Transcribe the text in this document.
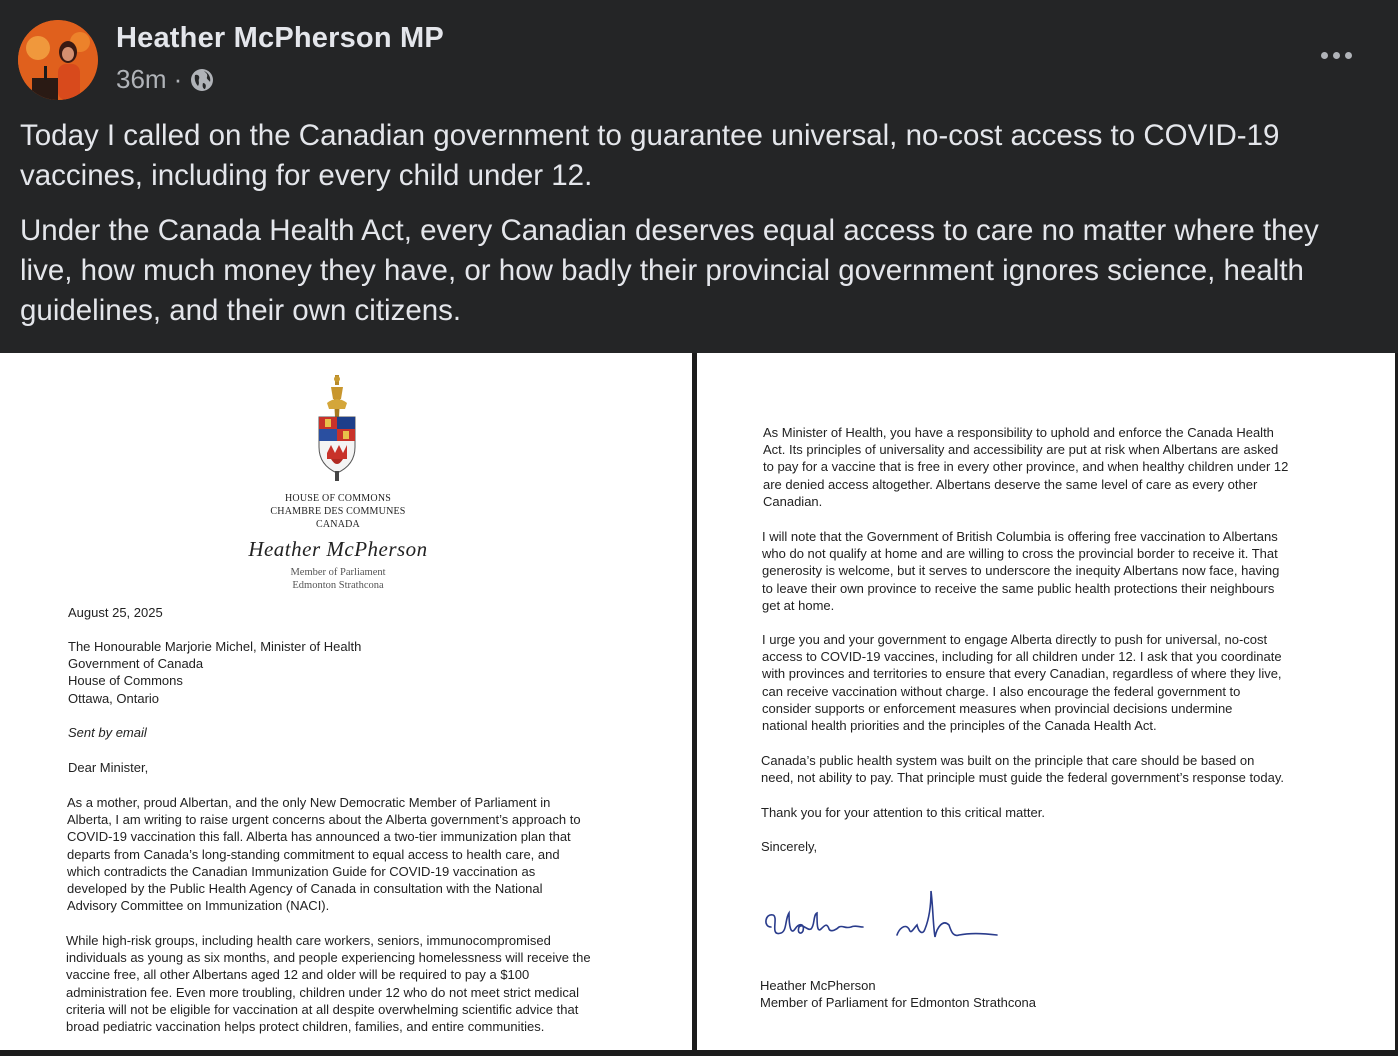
Heather McPherson MP
36m ·

Today I called on the Canadian government to guarantee universal, no-cost access to COVID-19 vaccines, including for every child under 12.

Under the Canada Health Act, every Canadian deserves equal access to care no matter where they live, how much money they have, or how badly their provincial government ignores science, health guidelines, and their own citizens.

HOUSE OF COMMONS
CHAMBRE DES COMMUNES
CANADA
Heather McPherson
Member of Parliament
Edmonton Strathcona
August 25, 2025
The Honourable Marjorie Michel, Minister of Health
Government of Canada
House of Commons
Ottawa, Ontario
Sent by email
Dear Minister,
As a mother, proud Albertan, and the only New Democratic Member of Parliament in
Alberta, I am writing to raise urgent concerns about the Alberta government’s approach to
COVID-19 vaccination this fall. Alberta has announced a two-tier immunization plan that
departs from Canada’s long-standing commitment to equal access to health care, and
which contradicts the Canadian Immunization Guide for COVID-19 vaccination as
developed by the Public Health Agency of Canada in consultation with the National
Advisory Committee on Immunization (NACI).
While high-risk groups, including health care workers, seniors, immunocompromised
individuals as young as six months, and people experiencing homelessness will receive the
vaccine free, all other Albertans aged 12 and older will be required to pay a $100
administration fee. Even more troubling, children under 12 who do not meet strict medical
criteria will not be eligible for vaccination at all despite overwhelming scientific advice that
broad pediatric vaccination helps protect children, families, and entire communities.
As Minister of Health, you have a responsibility to uphold and enforce the Canada Health
Act. Its principles of universality and accessibility are put at risk when Albertans are asked
to pay for a vaccine that is free in every other province, and when healthy children under 12
are denied access altogether. Albertans deserve the same level of care as every other
Canadian.
I will note that the Government of British Columbia is offering free vaccination to Albertans
who do not qualify at home and are willing to cross the provincial border to receive it. That
generosity is welcome, but it serves to underscore the inequity Albertans now face, having
to leave their own province to receive the same public health protections their neighbours
get at home.
I urge you and your government to engage Alberta directly to push for universal, no-cost
access to COVID-19 vaccines, including for all children under 12. I ask that you coordinate
with provinces and territories to ensure that every Canadian, regardless of where they live,
can receive vaccination without charge. I also encourage the federal government to
consider supports or enforcement measures when provincial decisions undermine
national health priorities and the principles of the Canada Health Act.
Canada’s public health system was built on the principle that care should be based on
need, not ability to pay. That principle must guide the federal government’s response today.
Thank you for your attention to this critical matter.
Sincerely,
Heather McPherson
Member of Parliament for Edmonton Strathcona
